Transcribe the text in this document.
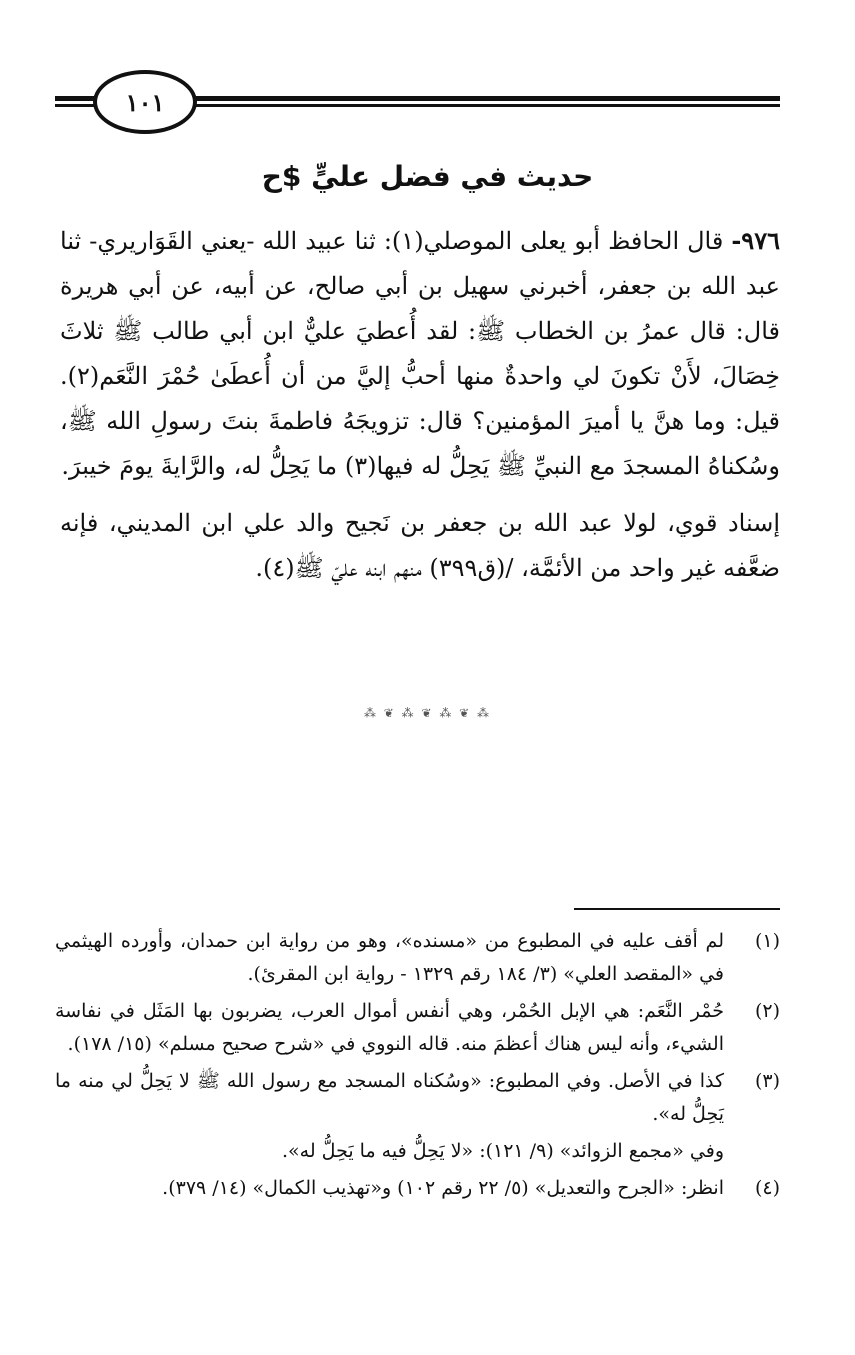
١٠١
حديث في فضل عليٍّ $ح

٩٧٦- قال الحافظ أبو يعلى الموصلي(١): ثنا عبيد الله -يعني القَوَاريري- ثنا عبد الله بن جعفر، أخبرني سهيل بن أبي صالح، عن أبيه، عن أبي هريرة قال: قال عمرُ بن الخطاب ﷺ: لقد أُعطيَ عليٌّ ابن أبي طالب ﷺ ثلاثَ خِصَالَ، لأَنْ تكونَ لي واحدةٌ منها أحبُّ إليَّ من أن أُعطَىٰ حُمْرَ النَّعَم(٢). قيل: وما هنَّ يا أميرَ المؤمنين؟ قال: تزويجَهُ فاطمةَ بنتَ رسولِ الله ﷺ، وسُكناهُ المسجدَ مع النبيِّ ﷺ يَحِلُّ له فيها(٣) ما يَحِلُّ له، والرَّايةَ يومَ خيبرَ.

إسناد قوي، لولا عبد الله بن جعفر بن نَجيح والد علي ابن المديني، فإنه ضعَّفه غير واحد من الأئمَّة، /(ق٣٩٩) منهم ابنه عليّ ﷺ(٤).

⁂ ❦ ⁂ ❦ ⁂ ❦ ⁂
(١)
لم أقف عليه في المطبوع من «مسنده»، وهو من رواية ابن حمدان، وأورده الهيثمي في «المقصد العلي» (٣/ ١٨٤ رقم ١٣٢٩ - رواية ابن المقرئ).
(٢)
حُمْر النَّعَم: هي الإبل الحُمْر، وهي أنفس أموال العرب، يضربون بها المَثَل في نفاسة الشيء، وأنه ليس هناك أعظمَ منه. قاله النووي في «شرح صحيح مسلم» (١٥/ ١٧٨).
(٣)
كذا في الأصل. وفي المطبوع: «وسُكناه المسجد مع رسول الله ﷺ لا يَحِلُّ لي منه ما يَحِلُّ له».
وفي «مجمع الزوائد» (٩/ ١٢١): «لا يَحِلُّ فيه ما يَحِلُّ له».
(٤)
انظر: «الجرح والتعديل» (٥/ ٢٢ رقم ١٠٢) و«تهذيب الكمال» (١٤/ ٣٧٩).
